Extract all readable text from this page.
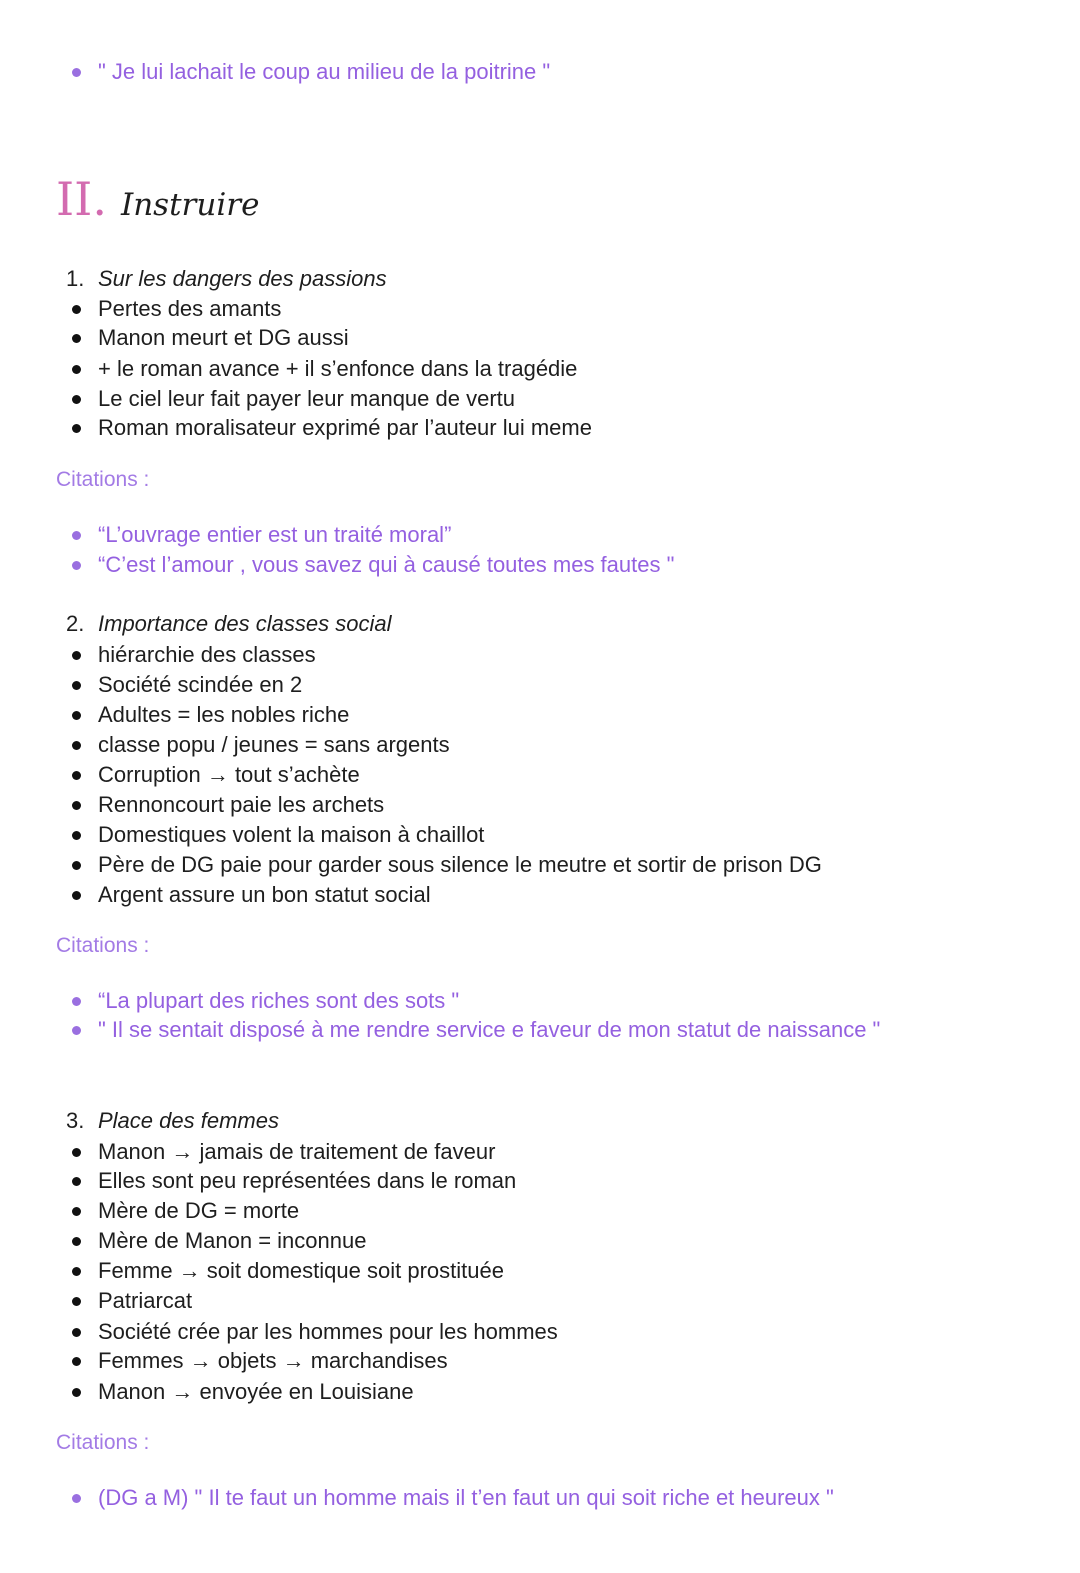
" Je lui lachait le coup au milieu de la poitrine "
II. Instruire
1. Sur les dangers des passions
Pertes des amants
Manon meurt et DG aussi
+ le roman avance + il s’enfonce dans la tragédie
Le ciel leur fait payer leur manque de vertu
Roman moralisateur exprimé par l’auteur lui meme
Citations :
“L’ouvrage entier est un traité moral”
“C’est l’amour , vous savez qui à causé toutes mes fautes "
2. Importance des classes social
hiérarchie des classes
Société scindée en 2
Adultes = les nobles riche
classe popu / jeunes = sans argents
Corruption → tout s’achète
Rennoncourt paie les archets
Domestiques volent la maison à chaillot
Père de DG paie pour garder sous silence le meutre et sortir de prison DG
Argent assure un bon statut social
Citations :
“La plupart des riches sont des sots "
" Il se sentait disposé à me rendre service e faveur de mon statut de naissance "
3. Place des femmes
Manon → jamais de traitement de faveur
Elles sont peu représentées dans le roman
Mère de DG = morte
Mère de Manon = inconnue
Femme → soit domestique soit prostituée
Patriarcat
Société crée par les hommes pour les hommes
Femmes → objets → marchandises
Manon → envoyée en Louisiane
Citations :
(DG a M) " Il te faut un homme mais il t’en faut un qui soit riche et heureux "
